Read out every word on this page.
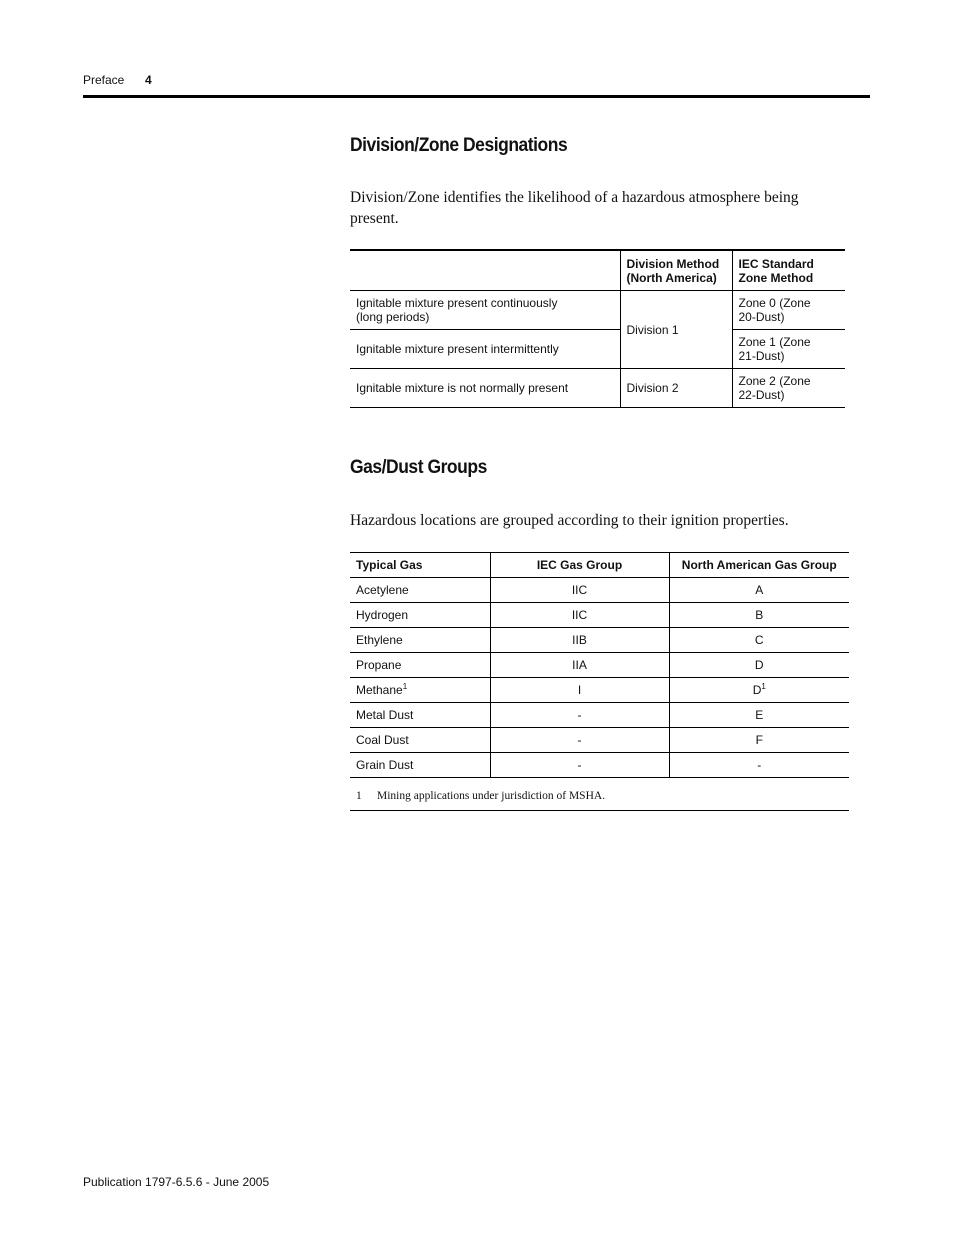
Preface 4
Division/Zone Designations

Division/Zone identifies the likelihood of a hazardous atmosphere being present.

	Division Method (North America)	IEC Standard Zone Method
Ignitable mixture present continuously (long periods)	Division 1	Zone 0 (Zone 20-Dust)
Ignitable mixture present intermittently		Zone 1 (Zone 21-Dust)
Ignitable mixture is not normally present	Division 2	Zone 2 (Zone 22-Dust)
Gas/Dust Groups

Hazardous locations are grouped according to their ignition properties.

Typical Gas	IEC Gas Group	North American Gas Group
Acetylene	IIC	A
Hydrogen	IIC	B
Ethylene	IIB	C
Propane	IIA	D
Methane$^1$	I	$D^1$
Metal Dust	-	E
Coal Dust	-	F
Grain Dust	-	-
1 Mining applications under jurisdiction of MSHA.
Publication 1797-6.5.6 - June 2005
